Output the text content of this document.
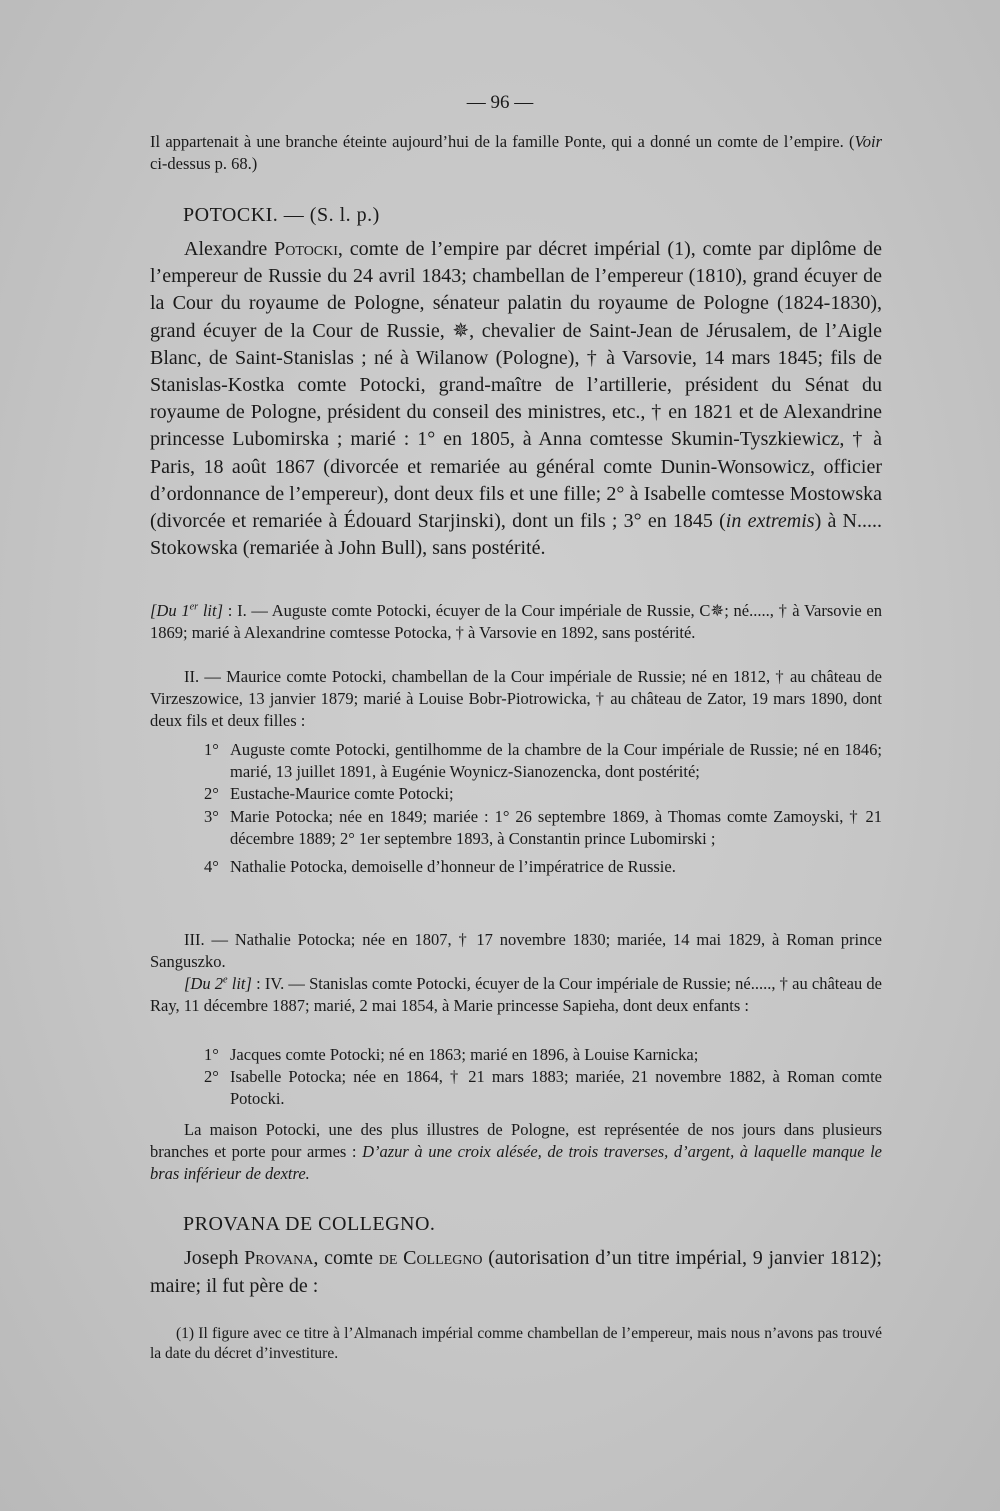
— 96 —
Il appartenait à une branche éteinte aujourd’hui de la famille Ponte, qui a donné un comte de l’empire. (Voir ci-dessus p. 68.)
POTOCKI. — (S. l. p.)
Alexandre Potocki, comte de l’empire par décret impérial (1), comte par diplôme de l’empereur de Russie du 24 avril 1843; chambellan de l’empereur (1810), grand écuyer de la Cour du royaume de Pologne, sénateur palatin du royaume de Pologne (1824-1830), grand écuyer de la Cour de Russie, ✵, chevalier de Saint-Jean de Jérusalem, de l’Aigle Blanc, de Saint-Stanislas ; né à Wilanow (Pologne), † à Varsovie, 14 mars 1845; fils de Stanislas-Kostka comte Potocki, grand-maître de l’artillerie, président du Sénat du royaume de Pologne, président du conseil des ministres, etc., † en 1821 et de Alexandrine princesse Lubomirska ; marié : 1° en 1805, à Anna comtesse Skumin-Tyszkiewicz, † à Paris, 18 août 1867 (divorcée et remariée au général comte Dunin-Wonsowicz, officier d’ordonnance de l’empereur), dont deux fils et une fille; 2° à Isabelle comtesse Mostowska (divorcée et remariée à Édouard Starjinski), dont un fils ; 3° en 1845 (in extremis) à N..... Stokowska (remariée à John Bull), sans postérité.
[Du 1er lit] : I. — Auguste comte Potocki, écuyer de la Cour impériale de Russie, C✵; né....., † à Varsovie en 1869; marié à Alexandrine comtesse Potocka, † à Varsovie en 1892, sans postérité.
II. — Maurice comte Potocki, chambellan de la Cour impériale de Russie; né en 1812, † au château de Virzeszowice, 13 janvier 1879; marié à Louise Bobr-Piotrowicka, † au château de Zator, 19 mars 1890, dont deux fils et deux filles :
1° Auguste comte Potocki, gentilhomme de la chambre de la Cour impériale de Russie; né en 1846; marié, 13 juillet 1891, à Eugénie Woynicz-Sianozencka, dont postérité;
2° Eustache-Maurice comte Potocki;
3° Marie Potocka; née en 1849; mariée : 1° 26 septembre 1869, à Thomas comte Zamoyski, † 21 décembre 1889; 2° 1er septembre 1893, à Constantin prince Lubomirski ;
4° Nathalie Potocka, demoiselle d’honneur de l’impératrice de Russie.
III. — Nathalie Potocka; née en 1807, † 17 novembre 1830; mariée, 14 mai 1829, à Roman prince Sanguszko.
[Du 2e lit] : IV. — Stanislas comte Potocki, écuyer de la Cour impériale de Russie; né....., † au château de Ray, 11 décembre 1887; marié, 2 mai 1854, à Marie princesse Sapieha, dont deux enfants :
1° Jacques comte Potocki; né en 1863; marié en 1896, à Louise Karnicka;
2° Isabelle Potocka; née en 1864, † 21 mars 1883; mariée, 21 novembre 1882, à Roman comte Potocki.
La maison Potocki, une des plus illustres de Pologne, est représentée de nos jours dans plusieurs branches et porte pour armes : D’azur à une croix alésée, de trois traverses, d’argent, à laquelle manque le bras inférieur de dextre.
PROVANA DE COLLEGNO.
Joseph Provana, comte de Collegno (autorisation d’un titre impérial, 9 janvier 1812); maire; il fut père de :
(1) Il figure avec ce titre à l’Almanach impérial comme chambellan de l’empereur, mais nous n’avons pas trouvé la date du décret d’investiture.
